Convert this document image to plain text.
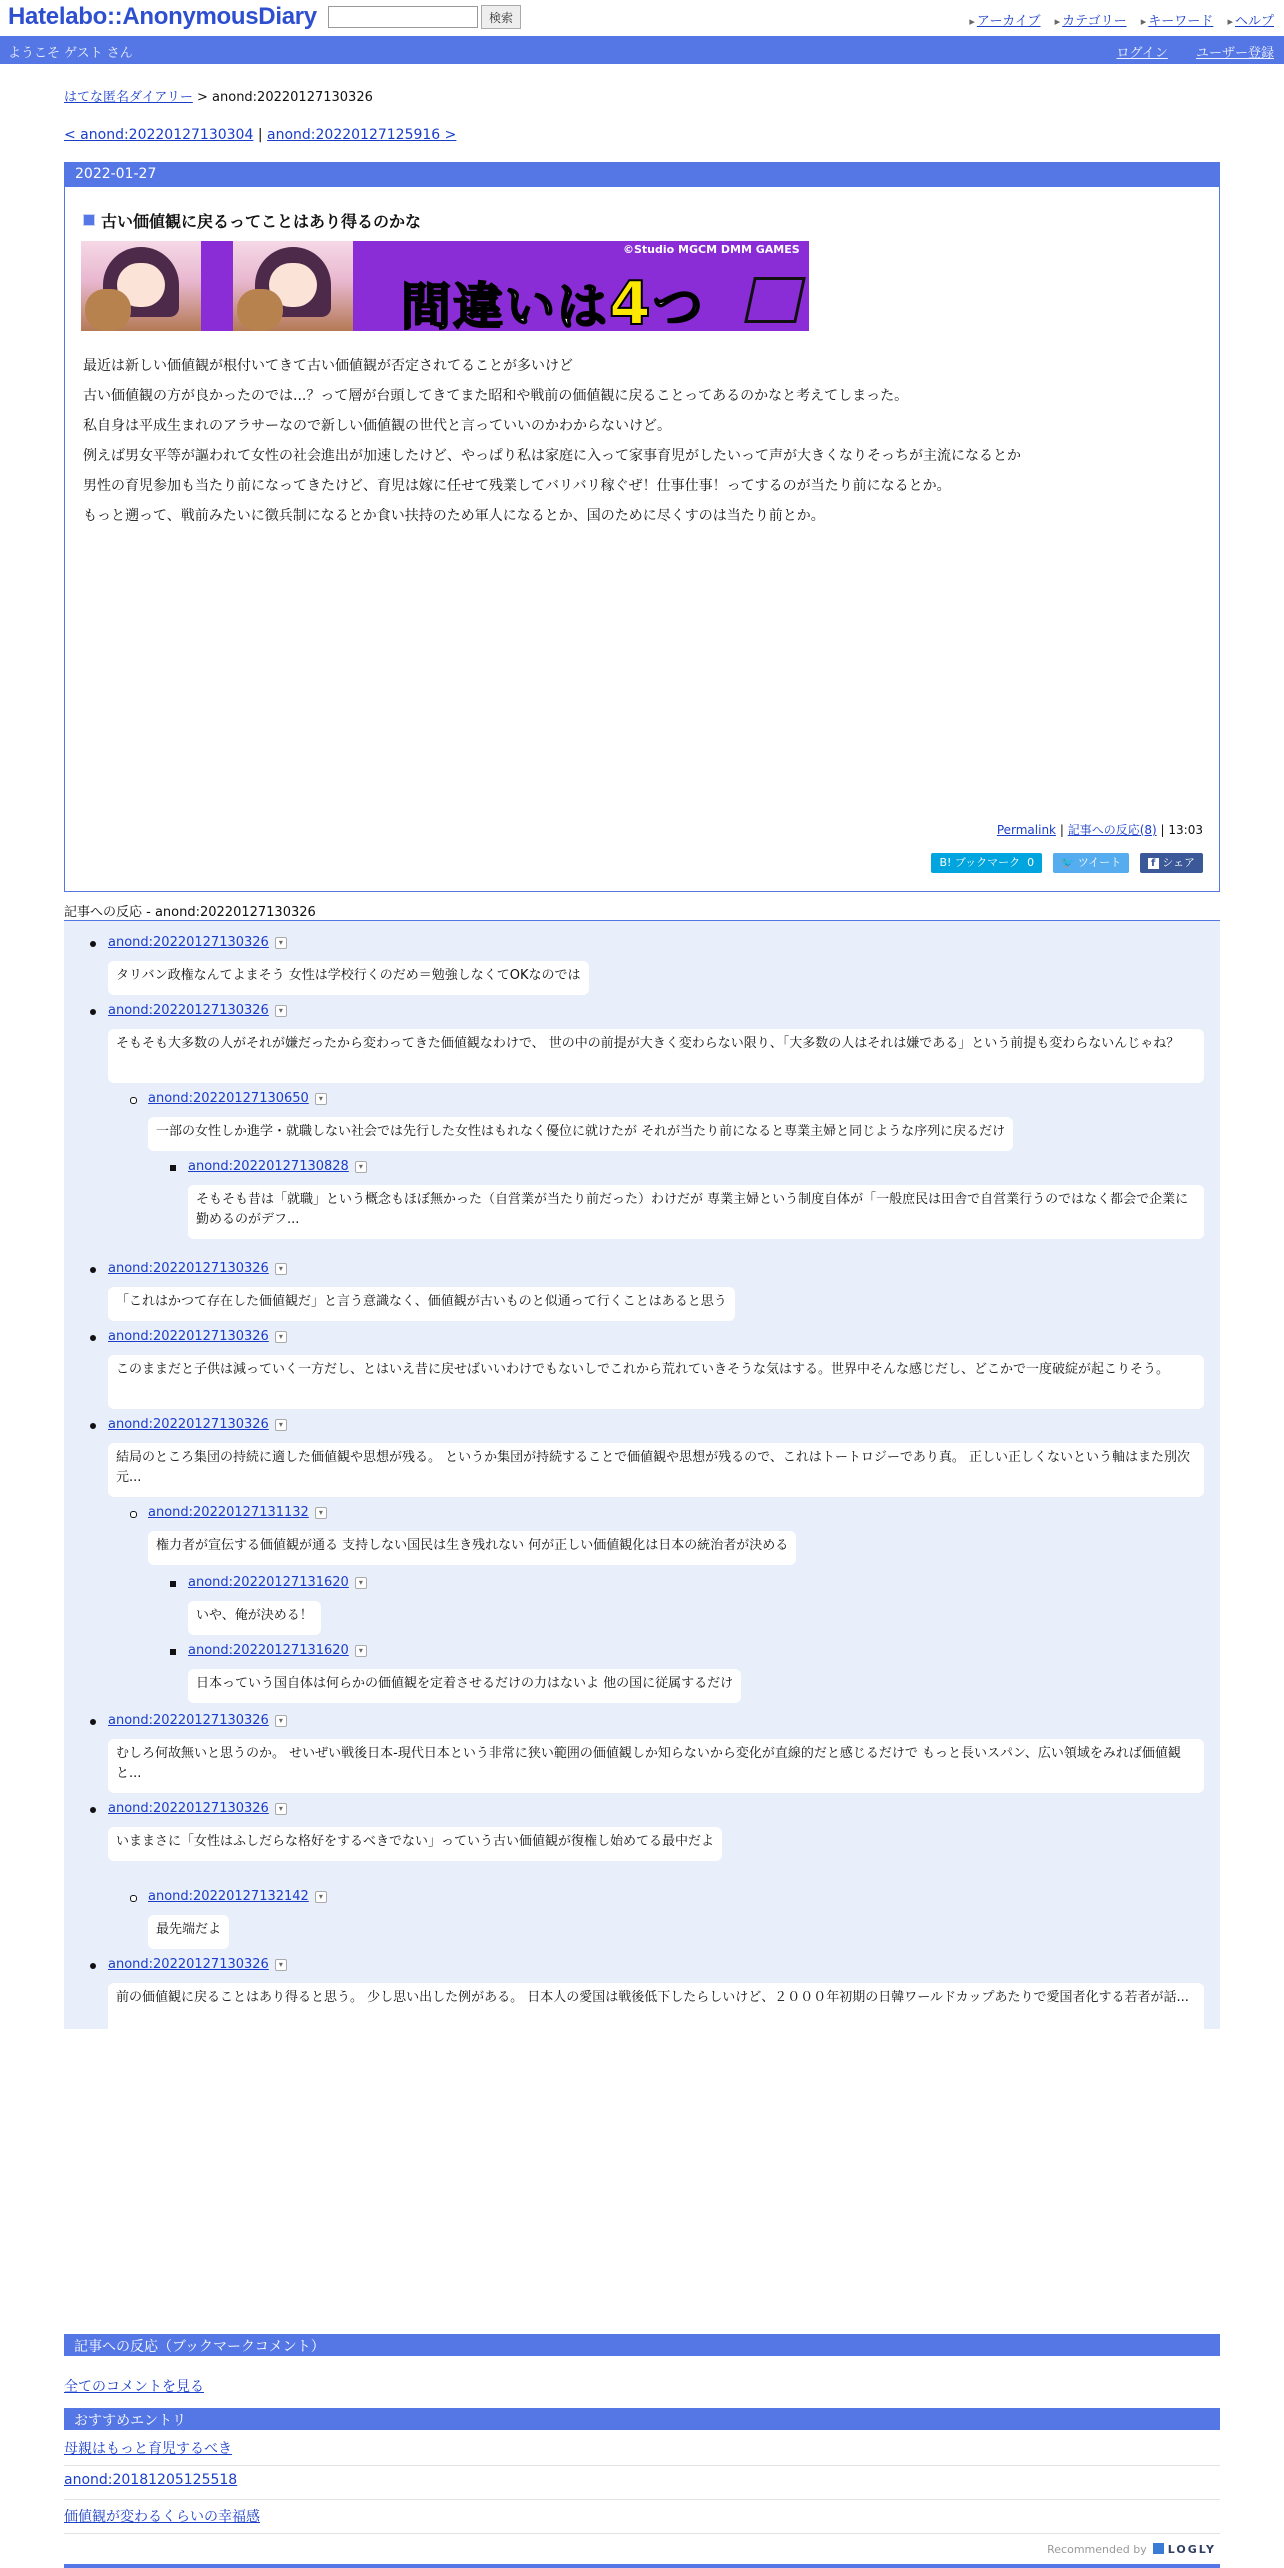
Hatelabo::AnonymousDiary	検索	▸ アーカイブ ▸ カテゴリー ▸ キーワード ▸ ヘルプ
ようこそ ゲスト さん	ログイン ユーザー登録
はてな匿名ダイアリー > anond:20220127130326
< anond:20220127130304 | anond:20220127125916 >
2022-01-27
古い価値観に戻るってことはあり得るのかな
間違いは4つ
©Studio MGCM DMM GAMES

最近は新しい価値観が根付いてきて古い価値観が否定されてることが多いけど

古い価値観の方が良かったのでは...？って層が台頭してきてまた昭和や戦前の価値観に戻ることってあるのかなと考えてしまった。

私自身は平成生まれのアラサーなので新しい価値観の世代と言っていいのかわからないけど。

例えば男女平等が謳われて女性の社会進出が加速したけど、やっぱり私は家庭に入って家事育児がしたいって声が大きくなりそっちが主流になるとか

男性の育児参加も当たり前になってきたけど、育児は嫁に任せて残業してバリバリ稼ぐぜ！仕事仕事！ってするのが当たり前になるとか。

もっと遡って、戦前みたいに徴兵制になるとか食い扶持のため軍人になるとか、国のために尽くすのは当たり前とか。

Permalink | 記事への反応(8) | 13:03
B! ブックマーク 0 🐦 ツイート	f シェア
記事への反応 - anond:20220127130326
anond:20220127130326 ▾
タリバン政権なんてよまそう 女性は学校行くのだめ＝勉強しなくてOKなのでは
anond:20220127130326 ▾
そもそも大多数の人がそれが嫌だったから変わってきた価値観なわけで、 世の中の前提が大きく変わらない限り、「大多数の人はそれは嫌である」という前提も変わらないんじゃね？
anond:20220127130650 ▾
一部の女性しか進学・就職しない社会では先行した女性はもれなく優位に就けたが それが当たり前になると専業主婦と同じような序列に戻るだけ
anond:20220127130828 ▾
そもそも昔は「就職」という概念もほぼ無かった（自営業が当たり前だった）わけだが 専業主婦という制度自体が「一般庶民は田舎で自営業行うのではなく都会で企業に勤めるのがデフ...
anond:20220127130326 ▾
「これはかつて存在した価値観だ」と言う意識なく、価値観が古いものと似通って行くことはあると思う
anond:20220127130326 ▾
このままだと子供は減っていく一方だし、とはいえ昔に戻せばいいわけでもないしでこれから荒れていきそうな気はする。世界中そんな感じだし、どこかで一度破綻が起こりそう。
anond:20220127130326 ▾
結局のところ集団の持続に適した価値観や思想が残る。 というか集団が持続することで価値観や思想が残るので、これはトートロジーであり真。 正しい正しくないという軸はまた別次元...
anond:20220127131132 ▾
権力者が宣伝する価値観が通る 支持しない国民は生き残れない 何が正しい価値観化は日本の統治者が決める
anond:20220127131620 ▾
いや、俺が決める！
anond:20220127131620 ▾
日本っていう国自体は何らかの価値観を定着させるだけの力はないよ 他の国に従属するだけ
anond:20220127130326 ▾
むしろ何故無いと思うのか。 せいぜい戦後日本-現代日本という非常に狭い範囲の価値観しか知らないから変化が直線的だと感じるだけで もっと長いスパン、広い領域をみれば価値観と...
anond:20220127130326 ▾
いままさに「女性はふしだらな格好をするべきでない」っていう古い価値観が復権し始めてる最中だよ
anond:20220127132142 ▾
最先端だよ
anond:20220127130326 ▾
前の価値観に戻ることはあり得ると思う。 少し思い出した例がある。 日本人の愛国は戦後低下したらしいけど、２０００年初期の日韓ワールドカップあたりで愛国者化する若者が話...
記事への反応（ブックマークコメント）
全てのコメントを見る
おすすめエントリ
母親はもっと育児するべき
anond:20181205125518
価値観が変わるくらいの幸福感
Recommended by LOGLY
